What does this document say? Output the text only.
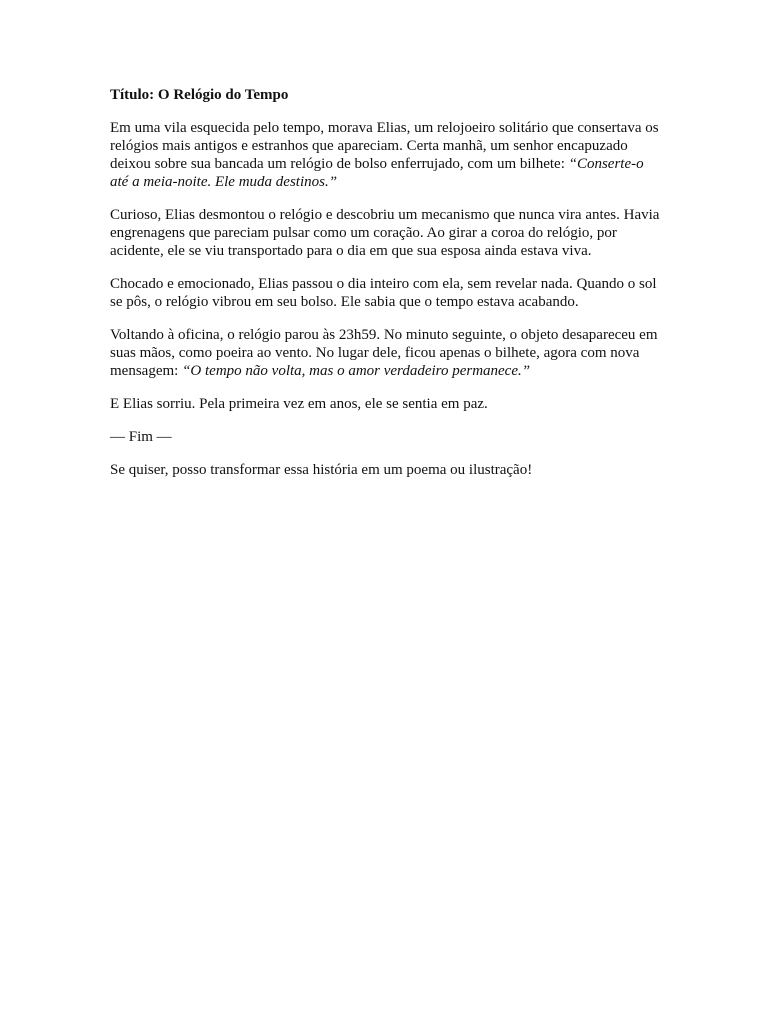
Título: O Relógio do Tempo

Em uma vila esquecida pelo tempo, morava Elias, um relojoeiro solitário que consertava os relógios mais antigos e estranhos que apareciam. Certa manhã, um senhor encapuzado deixou sobre sua bancada um relógio de bolso enferrujado, com um bilhete: “Conserte-o até a meia-noite. Ele muda destinos.”

Curioso, Elias desmontou o relógio e descobriu um mecanismo que nunca vira antes. Havia engrenagens que pareciam pulsar como um coração. Ao girar a coroa do relógio, por acidente, ele se viu transportado para o dia em que sua esposa ainda estava viva.

Chocado e emocionado, Elias passou o dia inteiro com ela, sem revelar nada. Quando o sol se pôs, o relógio vibrou em seu bolso. Ele sabia que o tempo estava acabando.

Voltando à oficina, o relógio parou às 23h59. No minuto seguinte, o objeto desapareceu em suas mãos, como poeira ao vento. No lugar dele, ficou apenas o bilhete, agora com nova mensagem: “O tempo não volta, mas o amor verdadeiro permanece.”

E Elias sorriu. Pela primeira vez em anos, ele se sentia em paz.

— Fim —

Se quiser, posso transformar essa história em um poema ou ilustração!
